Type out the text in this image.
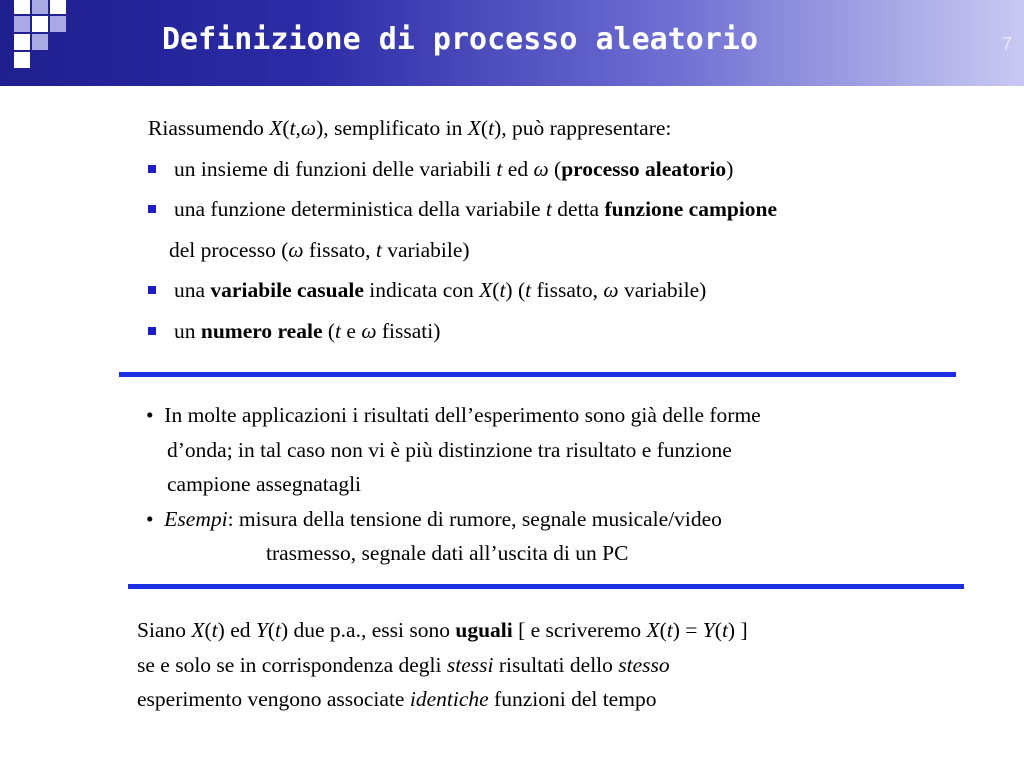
Definizione di processo aleatorio	7
Riassumendo X(t,ω), semplificato in X(t), può rappresentare:
un insieme di funzioni delle variabili t ed ω (processo aleatorio)
una funzione deterministica della variabile t detta funzione campione
del processo (ω fissato, t variabile)
una variabile casuale indicata con X(t) (t fissato, ω variabile)
un numero reale (t e ω fissati)
• In molte applicazioni i risultati dell’esperimento sono già delle forme
d’onda; in tal caso non vi è più distinzione tra risultato e funzione
campione assegnatagli
• Esempi: misura della tensione di rumore, segnale musicale/video
trasmesso, segnale dati all’uscita di un PC
Siano X(t) ed Y(t) due p.a., essi sono uguali [ e scriveremo X(t) = Y(t) ]
se e solo se in corrispondenza degli stessi risultati dello stesso
esperimento vengono associate identiche funzioni del tempo
